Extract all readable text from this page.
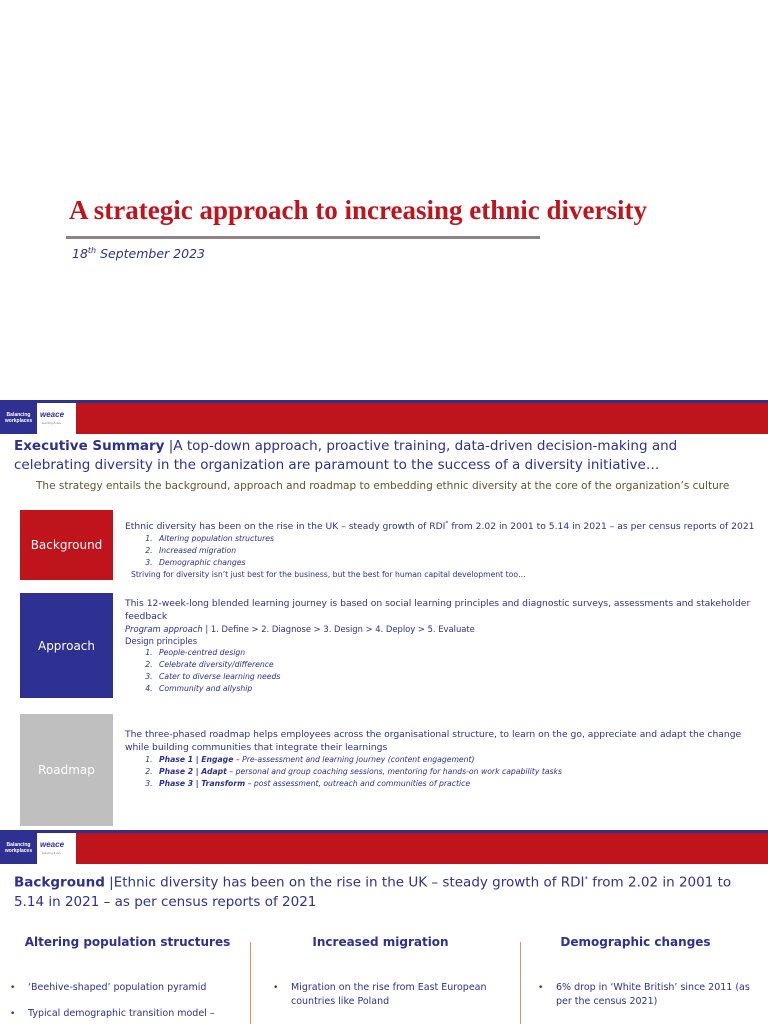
A strategic approach to increasing ethnic diversity
18th September 2023
Balancing
workplaces
weace
learning & dev
Executive Summary |A top-down approach, proactive training, data-driven decision-making and celebrating diversity in the organization are paramount to the success of a diversity initiative…
The strategy entails the background, approach and roadmap to embedding ethnic diversity at the core of the organization’s culture
Background
Ethnic diversity has been on the rise in the UK – steady growth of RDI* from 2.02 in 2001 to 5.14 in 2021 – as per census reports of 2021
1. Altering population structures
2. Increased migration
3. Demographic changes
Striving for diversity isn’t just best for the business, but the best for human capital development too…
Approach
This 12-week-long blended learning journey is based on social learning principles and diagnostic surveys, assessments and stakeholder feedback
Program approach | 1. Define > 2. Diagnose > 3. Design > 4. Deploy > 5. Evaluate
Design principles
1. People-centred design
2. Celebrate diversity/difference
3. Cater to diverse learning needs
4. Community and allyship
Roadmap
The three-phased roadmap helps employees across the organisational structure, to learn on the go, appreciate and adapt the change while building communities that integrate their learnings
1. Phase 1 | Engage – Pre-assessment and learning journey (content engagement)
2. Phase 2 | Adapt – personal and group coaching sessions, mentoring for hands-on work capability tasks
3. Phase 3 | Transform – post assessment, outreach and communities of practice
Balancing
workplaces
weace
learning & dev
Background |Ethnic diversity has been on the rise in the UK – steady growth of RDI* from 2.02 in 2001 to 5.14 in 2021 – as per census reports of 2021
Altering population structures
• ‘Beehive-shaped’ population pyramid
• Typical demographic transition model –
Increased migration
• Migration on the rise from East European countries like Poland
Demographic changes
• 6% drop in ‘White British’ since 2011 (as per the census 2021)
